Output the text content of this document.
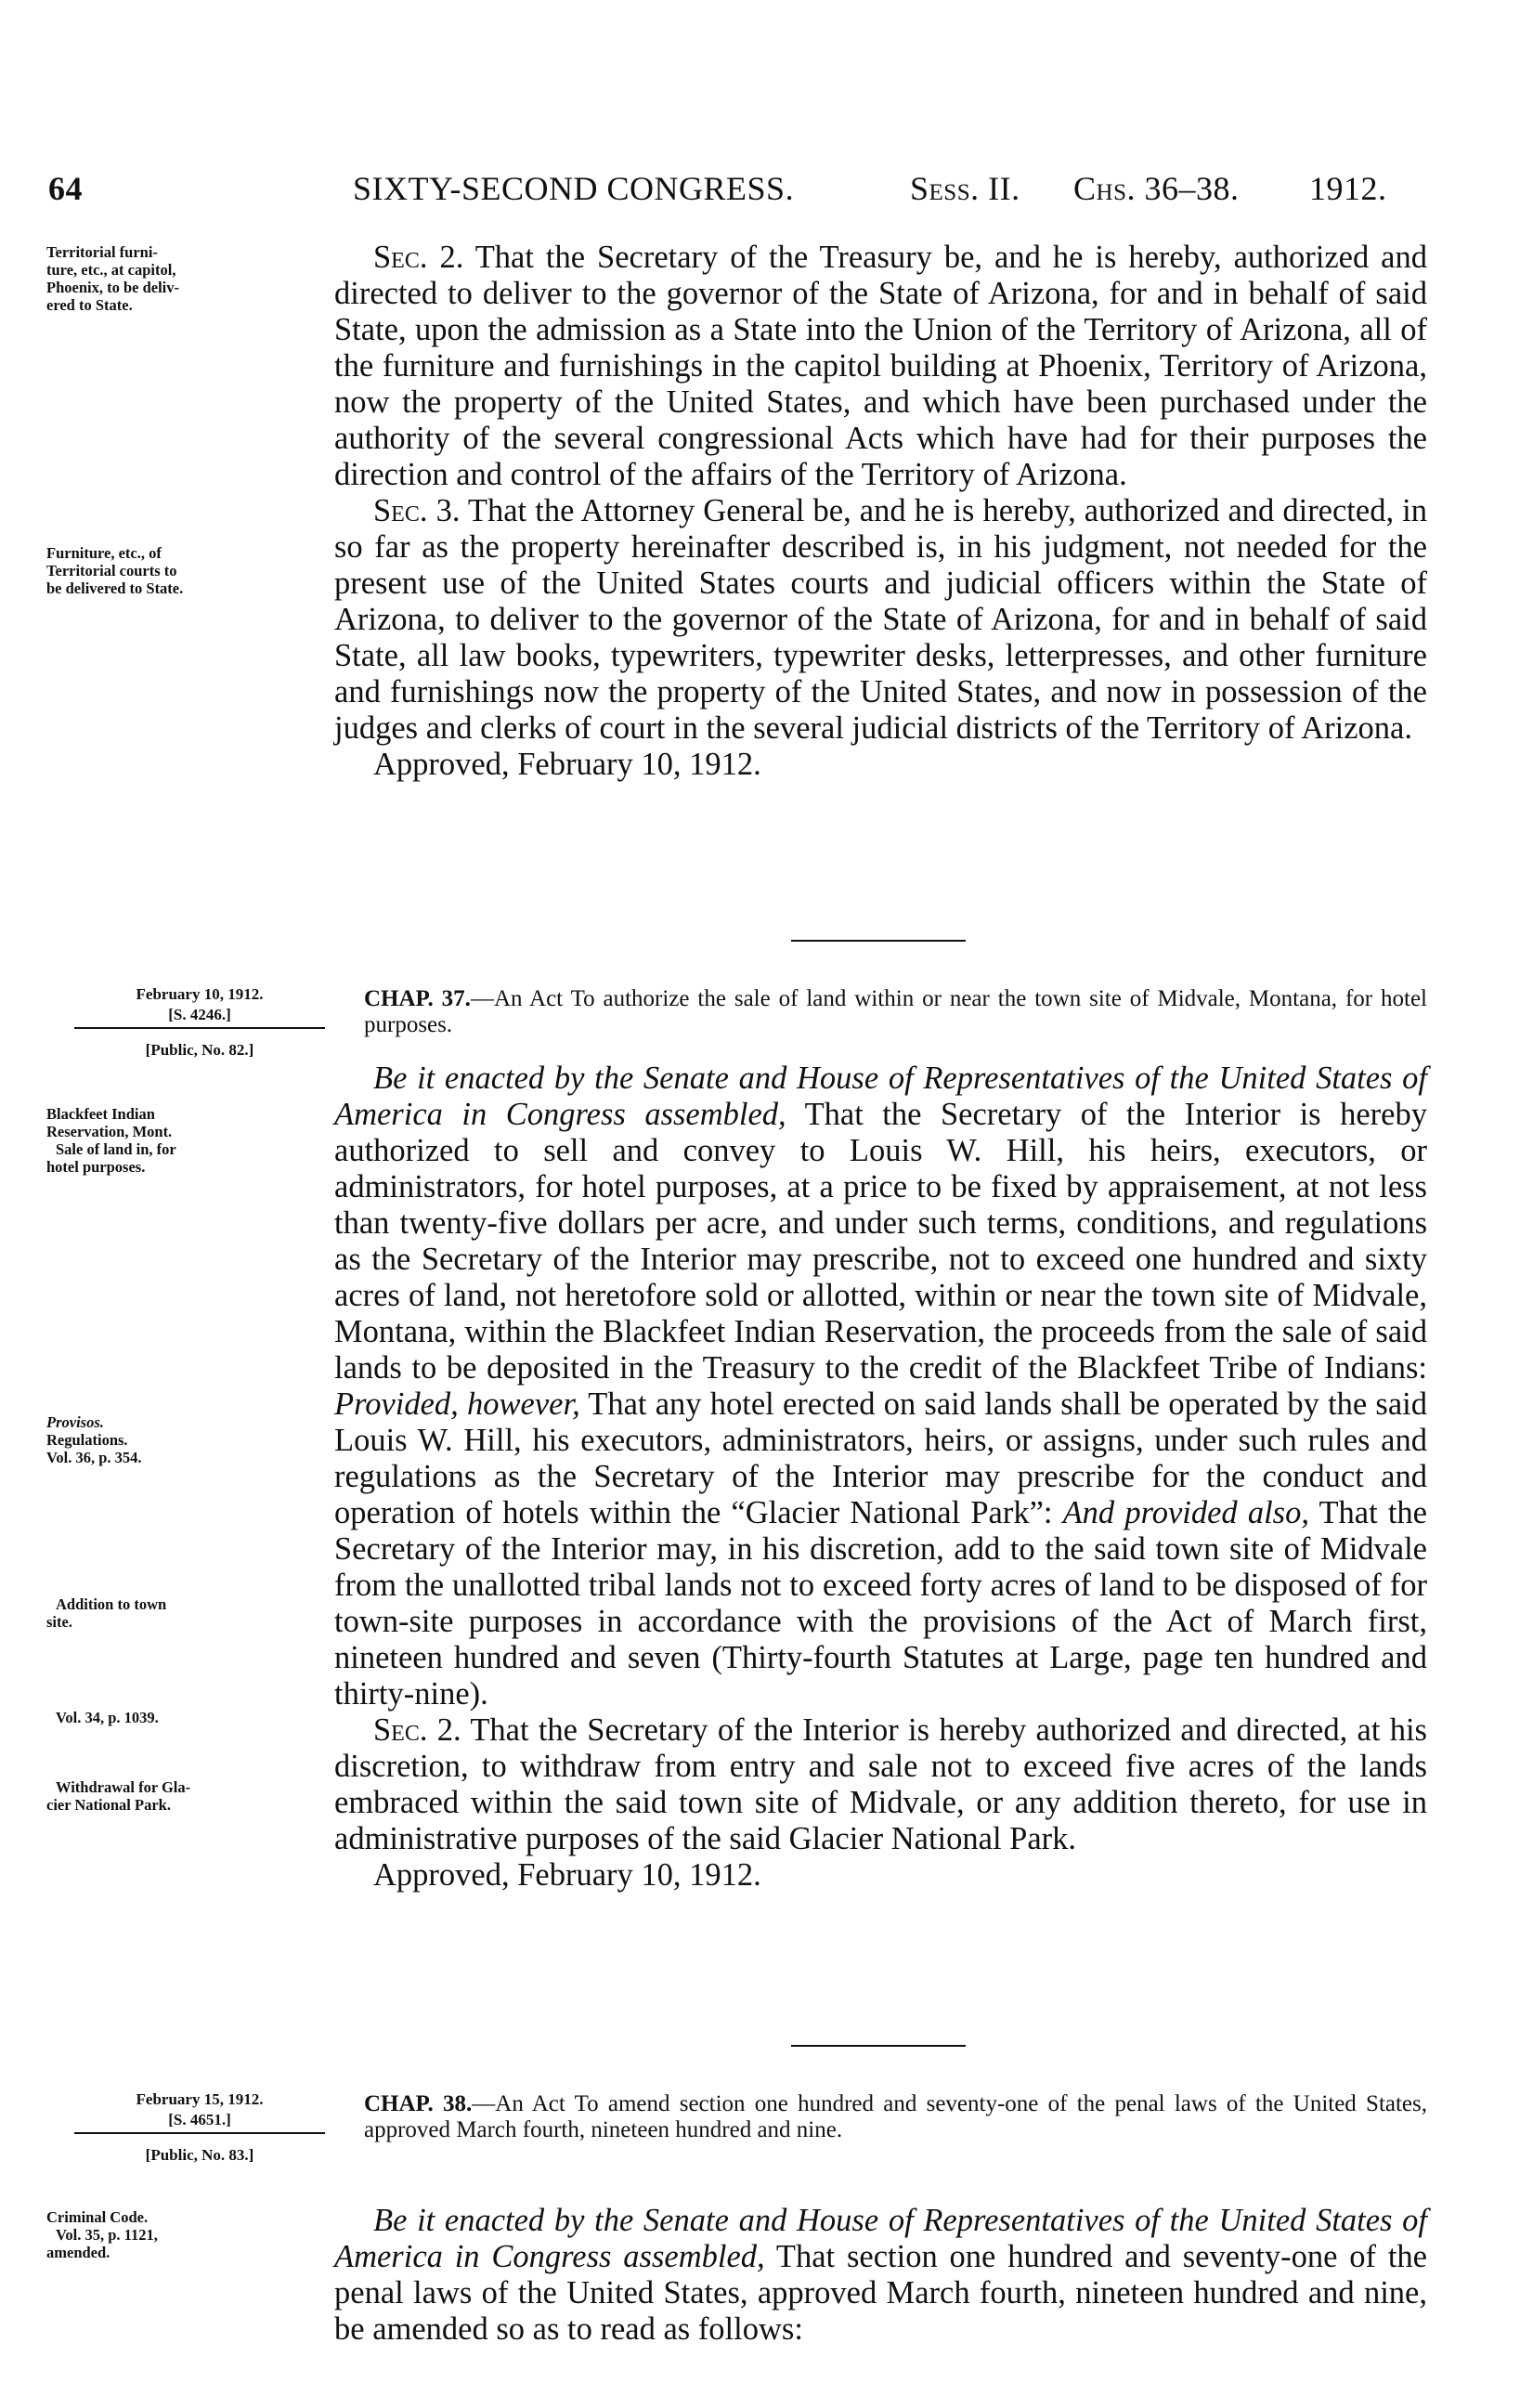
64	SIXTY-SECOND CONGRESS.	Sess. II. Chs. 36–38. 1912.
Territorial furni-
ture, etc., at capitol,
Phoenix, to be deliv-
ered to State.
Furniture, etc., of
Territorial courts to
be delivered to State.

Sec. 2. That the Secretary of the Treasury be, and he is hereby, authorized and directed to deliver to the governor of the State of Arizona, for and in behalf of said State, upon the admission as a State into the Union of the Territory of Arizona, all of the furniture and furnishings in the capitol building at Phoenix, Territory of Arizona, now the property of the United States, and which have been purchased under the authority of the several congressional Acts which have had for their purposes the direction and control of the affairs of the Territory of Arizona.

Sec. 3. That the Attorney General be, and he is hereby, authorized and directed, in so far as the property hereinafter described is, in his judgment, not needed for the present use of the United States courts and judicial officers within the State of Arizona, to deliver to the governor of the State of Arizona, for and in behalf of said State, all law books, typewriters, typewriter desks, letterpresses, and other furniture and furnishings now the property of the United States, and now in possession of the judges and clerks of court in the several judicial districts of the Territory of Arizona.

Approved, February 10, 1912.

February 10, 1912.
[S. 4246.]
[Public, No. 82.]
CHAP. 37.—An Act To authorize the sale of land within or near the town site of Midvale, Montana, for hotel purposes.
Blackfeet Indian
Reservation, Mont.
Sale of land in, for
hotel purposes.
Provisos.
Regulations.
Vol. 36, p. 354.
Addition to town
site.
Vol. 34, p. 1039.
Withdrawal for Gla-
cier National Park.

Be it enacted by the Senate and House of Representatives of the United States of America in Congress assembled, That the Secretary of the Interior is hereby authorized to sell and convey to Louis W. Hill, his heirs, executors, or administrators, for hotel purposes, at a price to be fixed by appraisement, at not less than twenty-five dollars per acre, and under such terms, conditions, and regulations as the Secretary of the Interior may prescribe, not to exceed one hundred and sixty acres of land, not heretofore sold or allotted, within or near the town site of Midvale, Montana, within the Blackfeet Indian Reservation, the proceeds from the sale of said lands to be deposited in the Treasury to the credit of the Blackfeet Tribe of Indians: Provided, however, That any hotel erected on said lands shall be operated by the said Louis W. Hill, his executors, administrators, heirs, or assigns, under such rules and regulations as the Secretary of the Interior may prescribe for the conduct and operation of hotels within the “Glacier National Park”: And provided also, That the Secretary of the Interior may, in his discretion, add to the said town site of Midvale from the unallotted tribal lands not to exceed forty acres of land to be disposed of for town-site purposes in accordance with the provisions of the Act of March first, nineteen hundred and seven (Thirty-fourth Statutes at Large, page ten hundred and thirty-nine).

Sec. 2. That the Secretary of the Interior is hereby authorized and directed, at his discretion, to withdraw from entry and sale not to exceed five acres of the lands embraced within the said town site of Midvale, or any addition thereto, for use in administrative purposes of the said Glacier National Park.

Approved, February 10, 1912.

February 15, 1912.
[S. 4651.]
[Public, No. 83.]
CHAP. 38.—An Act To amend section one hundred and seventy-one of the penal laws of the United States, approved March fourth, nineteen hundred and nine.
Criminal Code.
Vol. 35, p. 1121,
amended.

Be it enacted by the Senate and House of Representatives of the United States of America in Congress assembled, That section one hundred and seventy-one of the penal laws of the United States, approved March fourth, nineteen hundred and nine, be amended so as to read as follows:
